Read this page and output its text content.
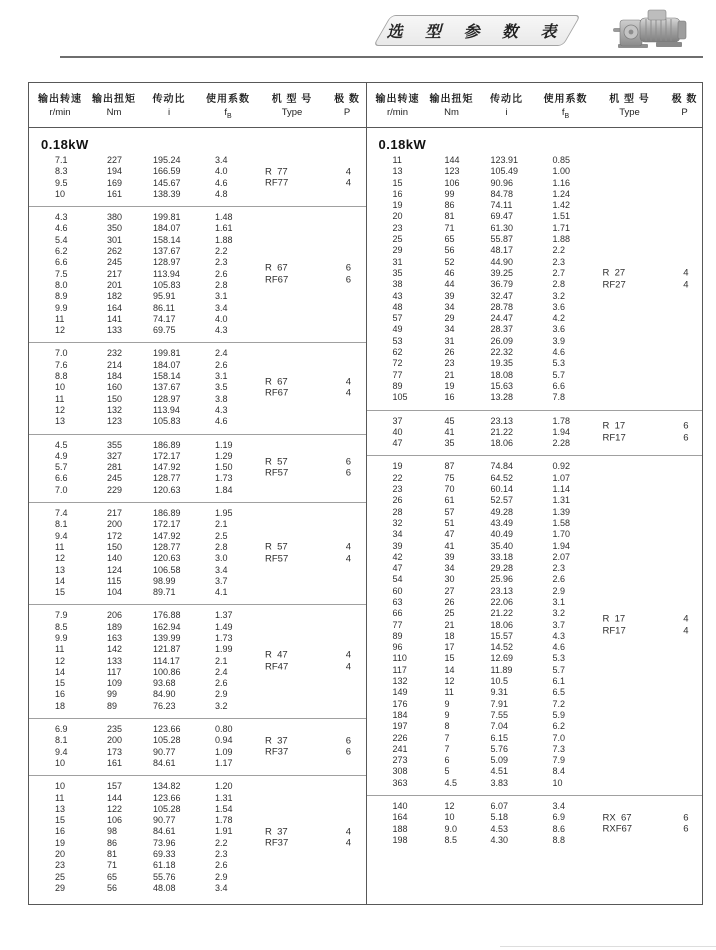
选 型 参 数 表
输出转速
r/min
输出扭矩
Nm
传动比
i
使用系数
$f_B$
机 型 号
Type
极 数
P
0.18kW
7.1	227	195.24	3.4
8.3	194	166.59	4.0
9.5	169	145.67	4.6
10	161	138.39	4.8
R  77	4
RF77	4
4.3	380	199.81	1.48
4.6	350	184.07	1.61
5.4	301	158.14	1.88
6.2	262	137.67	2.2
6.6	245	128.97	2.3
7.5	217	113.94	2.6
8.0	201	105.83	2.8
8.9	182	95.91	3.1
9.9	164	86.11	3.4
11	141	74.17	4.0
12	133	69.75	4.3
R  67	6
RF67	6
7.0	232	199.81	2.4
7.6	214	184.07	2.6
8.8	184	158.14	3.1
10	160	137.67	3.5
11	150	128.97	3.8
12	132	113.94	4.3
13	123	105.83	4.6
R  67	4
RF67	4
4.5	355	186.89	1.19
4.9	327	172.17	1.29
5.7	281	147.92	1.50
6.6	245	128.77	1.73
7.0	229	120.63	1.84
R  57	6
RF57	6
7.4	217	186.89	1.95
8.1	200	172.17	2.1
9.4	172	147.92	2.5
11	150	128.77	2.8
12	140	120.63	3.0
13	124	106.58	3.4
14	115	98.99	3.7
15	104	89.71	4.1
R  57	4
RF57	4
7.9	206	176.88	1.37
8.5	189	162.94	1.49
9.9	163	139.99	1.73
11	142	121.87	1.99
12	133	114.17	2.1
14	117	100.86	2.4
15	109	93.68	2.6
16	99	84.90	2.9
18	89	76.23	3.2
R  47	4
RF47	4
6.9	235	123.66	0.80
8.1	200	105.28	0.94
9.4	173	90.77	1.09
10	161	84.61	1.17
R  37	6
RF37	6
10	157	134.82	1.20
11	144	123.66	1.31
13	122	105.28	1.54
15	106	90.77	1.78
16	98	84.61	1.91
19	86	73.96	2.2
20	81	69.33	2.3
23	71	61.18	2.6
25	65	55.76	2.9
29	56	48.08	3.4
R  37	4
RF37	4
输出转速
r/min
输出扭矩
Nm
传动比
i
使用系数
$f_B$
机 型 号
Type
极 数
P
0.18kW
11	144	123.91	0.85
13	123	105.49	1.00
15	106	90.96	1.16
16	99	84.78	1.24
19	86	74.11	1.42
20	81	69.47	1.51
23	71	61.30	1.71
25	65	55.87	1.88
29	56	48.17	2.2
31	52	44.90	2.3
35	46	39.25	2.7
38	44	36.79	2.8
43	39	32.47	3.2
48	34	28.78	3.6
57	29	24.47	4.2
49	34	28.37	3.6
53	31	26.09	3.9
62	26	22.32	4.6
72	23	19.35	5.3
77	21	18.08	5.7
89	19	15.63	6.6
105	16	13.28	7.8
R  27	4
RF27	4
37	45	23.13	1.78
40	41	21.22	1.94
47	35	18.06	2.28
R  17	6
RF17	6
19	87	74.84	0.92
22	75	64.52	1.07
23	70	60.14	1.14
26	61	52.57	1.31
28	57	49.28	1.39
32	51	43.49	1.58
34	47	40.49	1.70
39	41	35.40	1.94
42	39	33.18	2.07
47	34	29.28	2.3
54	30	25.96	2.6
60	27	23.13	2.9
63	26	22.06	3.1
66	25	21.22	3.2
77	21	18.06	3.7
89	18	15.57	4.3
96	17	14.52	4.6
110	15	12.69	5.3
117	14	11.89	5.7
132	12	10.5	6.1
149	11	9.31	6.5
176	9	7.91	7.2
184	9	7.55	5.9
197	8	7.04	6.2
226	7	6.15	7.0
241	7	5.76	7.3
273	6	5.09	7.9
308	5	4.51	8.4
363	4.5	3.83	10
R  17	4
RF17	4
140	12	6.07	3.4
164	10	5.18	6.9
188	9.0	4.53	8.6
198	8.5	4.30	8.8
RX  67	6
RXF67	6
